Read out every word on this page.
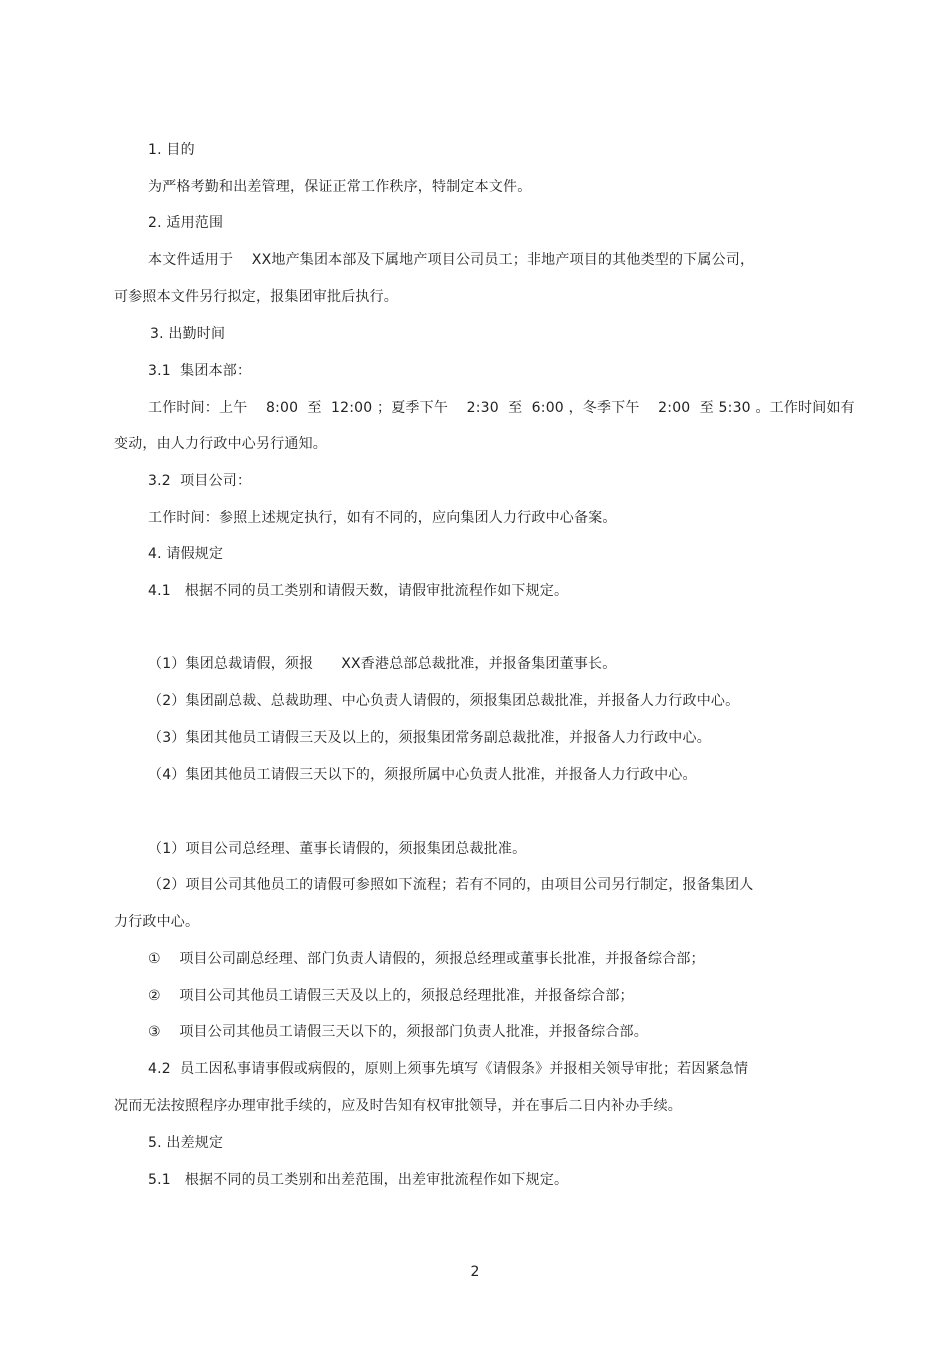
1. 目的
为严格考勤和出差管理，保证正常工作秩序，特制定本文件。
2. 适用范围
本文件适用于    XX地产集团本部及下属地产项目公司员工；非地产项目的其他类型的下属公司，
可参照本文件另行拟定，报集团审批后执行。
3. 出勤时间
3.1  集团本部：
工作时间：上午    8:00  至  12:00 ；夏季下午    2:30  至  6:00 ，冬季下午    2:00  至 5:30 。工作时间如有
变动，由人力行政中心另行通知。
3.2  项目公司：
工作时间：参照上述规定执行，如有不同的，应向集团人力行政中心备案。
4. 请假规定
4.1   根据不同的员工类别和请假天数，请假审批流程作如下规定。
（1）集团总裁请假，须报      XX香港总部总裁批准，并报备集团董事长。
（2）集团副总裁、总裁助理、中心负责人请假的，须报集团总裁批准，并报备人力行政中心。
（3）集团其他员工请假三天及以上的，须报集团常务副总裁批准，并报备人力行政中心。
（4）集团其他员工请假三天以下的，须报所属中心负责人批准，并报备人力行政中心。
（1）项目公司总经理、董事长请假的，须报集团总裁批准。
（2）项目公司其他员工的请假可参照如下流程；若有不同的，由项目公司另行制定，报备集团人
力行政中心。
①    项目公司副总经理、部门负责人请假的，须报总经理或董事长批准，并报备综合部；
②    项目公司其他员工请假三天及以上的，须报总经理批准，并报备综合部；
③    项目公司其他员工请假三天以下的，须报部门负责人批准，并报备综合部。
4.2  员工因私事请事假或病假的，原则上须事先填写《请假条》并报相关领导审批；若因紧急情
况而无法按照程序办理审批手续的，应及时告知有权审批领导，并在事后二日内补办手续。
5. 出差规定
5.1   根据不同的员工类别和出差范围，出差审批流程作如下规定。
2
